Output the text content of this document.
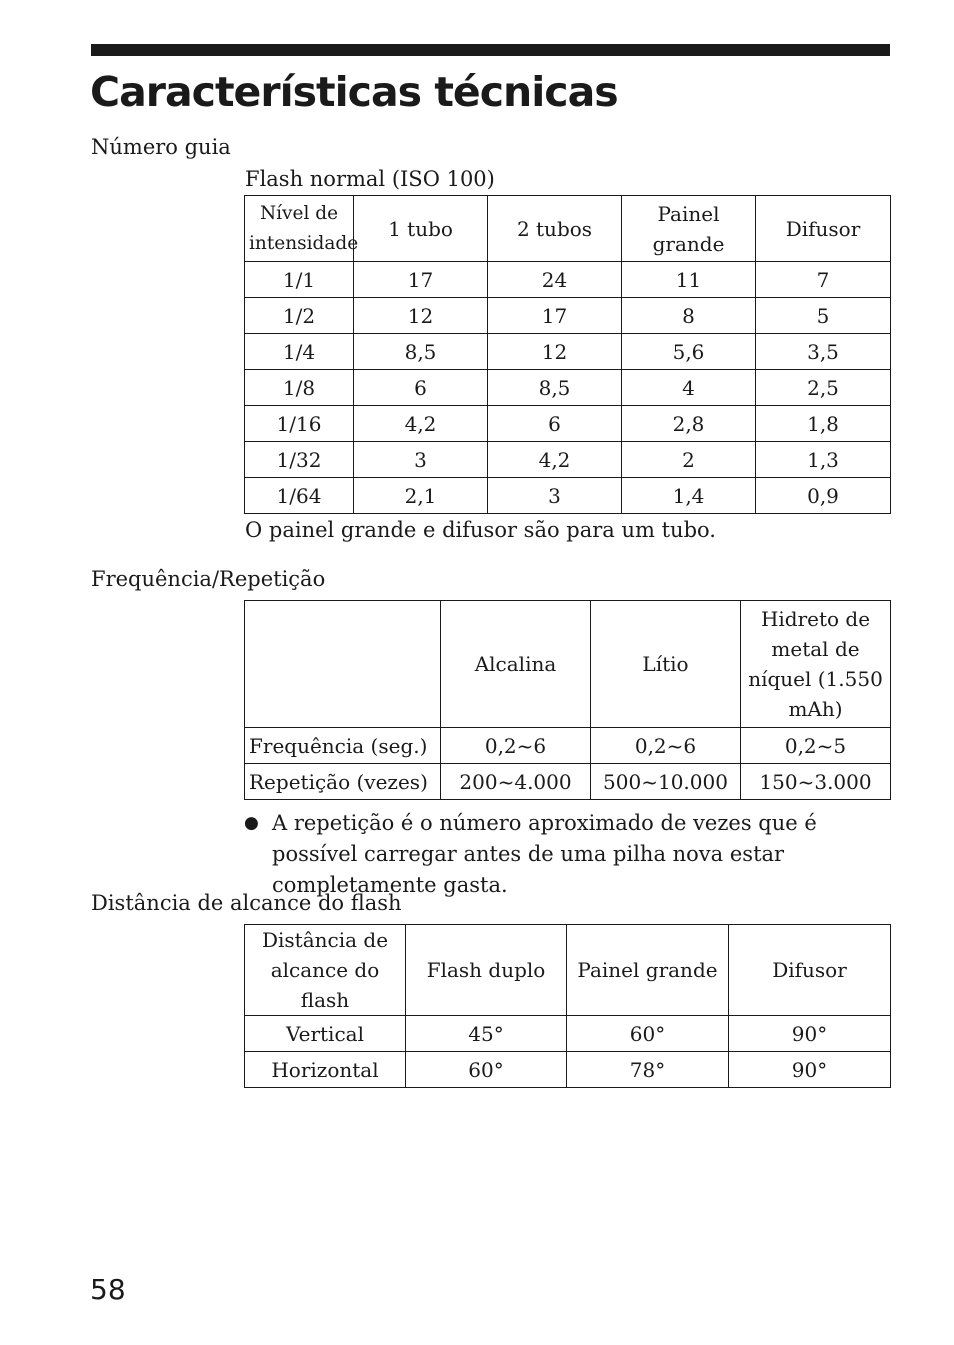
Características técnicas
Número guia
Flash normal (ISO 100)
Nível de intensidade	1 tubo	2 tubos	Painel grande	Difusor
1/1	17	24	11	7
1/2	12	17	8	5
1/4	8,5	12	5,6	3,5
1/8	6	8,5	4	2,5
1/16	4,2	6	2,8	1,8
1/32	3	4,2	2	1,3
1/64	2,1	3	1,4	0,9
O painel grande e difusor são para um tubo.
Frequência/Repetição
	Alcalina	Lítio	Hidreto de metal de níquel (1.550 mAh)
Frequência (seg.)	0,2~6	0,2~6	0,2~5
Repetição (vezes)	200~4.000	500~10.000	150~3.000
● A repetição é o número aproximado de vezes que é possível carregar antes de uma pilha nova estar completamente gasta.
Distância de alcance do flash
Distância de alcance do flash	Flash duplo	Painel grande	Difusor
Vertical	45°	60°	90°
Horizontal	60°	78°	90°
58
